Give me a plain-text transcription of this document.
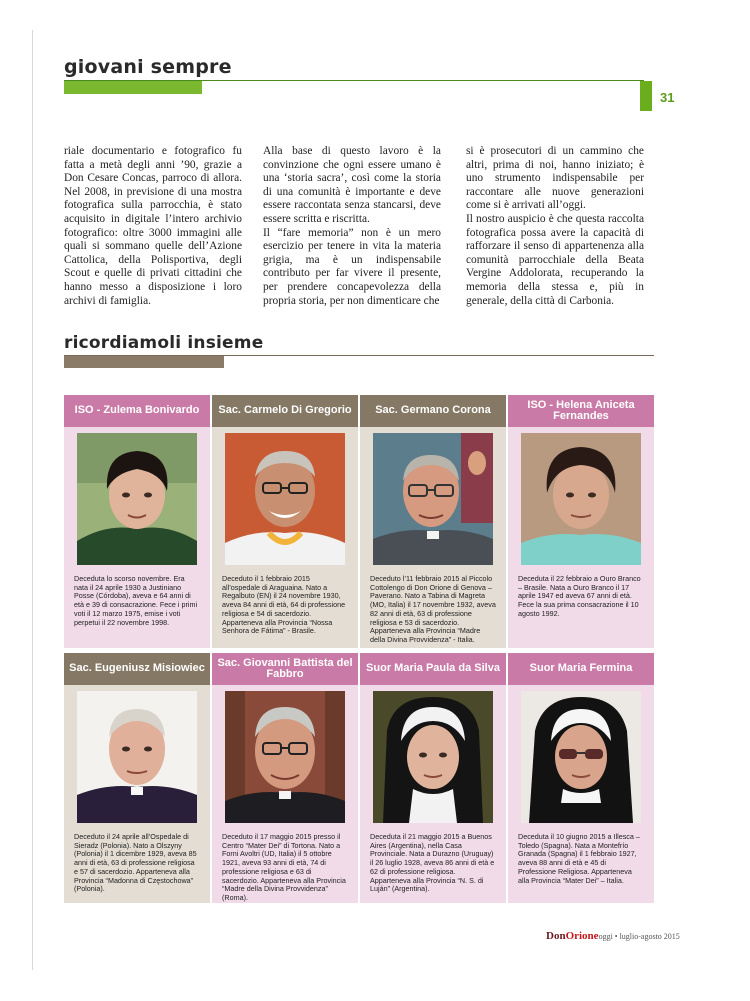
giovani sempre
31

riale documentario e fotografico fu fatta a metà degli anni ’90, grazie a Don Cesare Concas, parroco di allora. Nel 2008, in previsione di una mostra fotografica sulla parrocchia, è stato acquisito in digitale l’intero archivio fotografico: oltre 3000 immagini alle quali si sommano quelle dell’Azione Cattolica, della Polisportiva, degli Scout e quelle di privati cittadini che hanno messo a disposizione i loro archivi di famiglia.

Alla base di questo lavoro è la convinzione che ogni essere umano è una ‘storia sacra’, così come la storia di una comunità è importante e deve essere raccontata senza stancarsi, deve essere scritta e riscritta.

Il “fare memoria” non è un mero esercizio per tenere in vita la materia grigia, ma è un indispensabile contributo per far vivere il presente, per prendere concapevolezza della propria storia, per non dimenticare che

si è prosecutori di un cammino che altri, prima di noi, hanno iniziato; è uno strumento indispensabile per raccontare alle nuove generazioni come si è arrivati all’oggi.

Il nostro auspicio è che questa raccolta fotografica possa avere la capacità di rafforzare il senso di appartenenza alla comunità parrocchiale della Beata Vergine Addolorata, recuperando la memoria della stessa e, più in generale, della città di Carbonia.

ricordiamoli insieme
ISO - Zulema Bonivardo
Deceduta lo scorso novembre. Era nata il 24 aprile 1930 a Justiniano Posse (Córdoba), aveva e 64 anni di età e 39 di consacrazione. Fece i primi voti il 12 marzo 1975, emise i voti perpetui il 22 novembre 1998.
Sac. Carmelo Di Gregorio
Deceduto il 1 febbraio 2015 all’ospedale di Araguaina. Nato a Regalbuto (EN) il 24 novembre 1930, aveva 84 anni di età, 64 di professione religiosa e 54 di sacerdozio. Apparteneva alla Provincia “Nossa Senhora de Fátima” - Brasile.
Sac. Germano Corona
Deceduto l’11 febbraio 2015 al Piccolo Cottolengo di Don Orione di Genova – Paverano. Nato a Tabina di Magreta (MO, Italia) il 17 novembre 1932, aveva 82 anni di età, 63 di professione religiosa e 53 di sacerdozio. Apparteneva alla Provincia “Madre della Divina Provvidenza” - Italia.
ISO - Helena Aniceta Fernandes
Deceduta il 22 febbraio a Ouro Branco – Brasile. Nata a Ouro Branco il 17 aprile 1947 ed aveva 67 anni di età. Fece la sua prima consacrazione il 10 agosto 1992.
Sac. Eugeniusz Misiowiec
Deceduto il 24 aprile all’Ospedale di Sieradz (Polonia). Nato a Olszyny (Polonia) il 1 dicembre 1929, aveva 85 anni di età, 63 di professione religiosa e 57 di sacerdozio. Apparteneva alla Provincia “Madonna di Częstochowa” (Polonia).
Sac. Giovanni Battista del Fabbro
Deceduto il 17 maggio 2015 presso il Centro “Mater Dei” di Tortona. Nato a Forni Avoltri (UD, Italia) il 5 ottobre 1921, aveva 93 anni di età, 74 di professione religiosa e 63 di sacerdozio. Apparteneva alla Provincia “Madre della Divina Provvidenza” (Roma).
Suor Maria Paula da Silva
Deceduta il 21 maggio 2015 a Buenos Aires (Argentina), nella Casa Provinciale. Nata a Durazno (Uruguay) il 26 luglio 1928, aveva 86 anni di età e 62 di professione religiosa. Apparteneva alla Provincia “N. S. di Luján” (Argentina).
Suor Maria Fermina
Deceduta il 10 giugno 2015 a Illesca – Toledo (Spagna). Nata a Montefrío Granada (Spagna) il 1 febbraio 1927, aveva 88 anni di età e 45 di Professione Religiosa. Apparteneva alla Provincia “Mater Dei” – Italia.
DonOrioneoggi • luglio-agosto 2015
